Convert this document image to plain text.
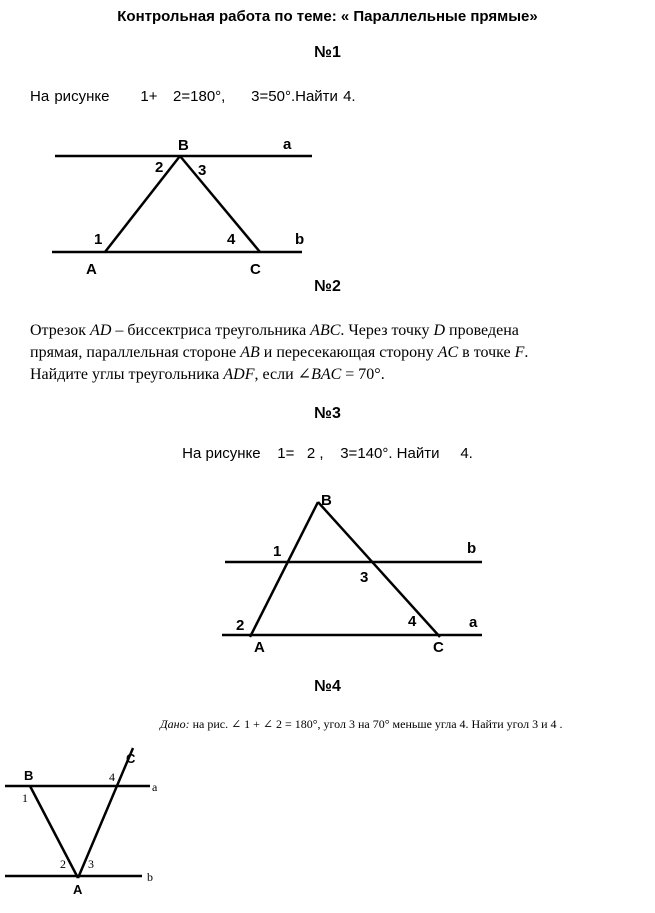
Контрольная работа по теме: « Параллельные прямые»
№1
На рисунке      1+   2=180°,     3=50°.Найти 4.
a
b
B
A	C
1
2 3
4
B
A	C
b
a
1
2
3
4
B
A
C
a
b
1
2 3
4
№2
Отрезок AD – биссектриса треугольника ABC. Через точку D проведена
прямая, параллельная стороне AB и пересекающая сторону AC в точке F.
Найдите углы треугольника ADF, если ∠BAC = 70°.
№3
На рисунке    1=   2 ,    3=140°. Найти     4.
№4
Дано: на рис. ∠ 1 + ∠ 2 = 180°, угол 3 на 70° меньше угла 4. Найти угол 3 и 4 .
